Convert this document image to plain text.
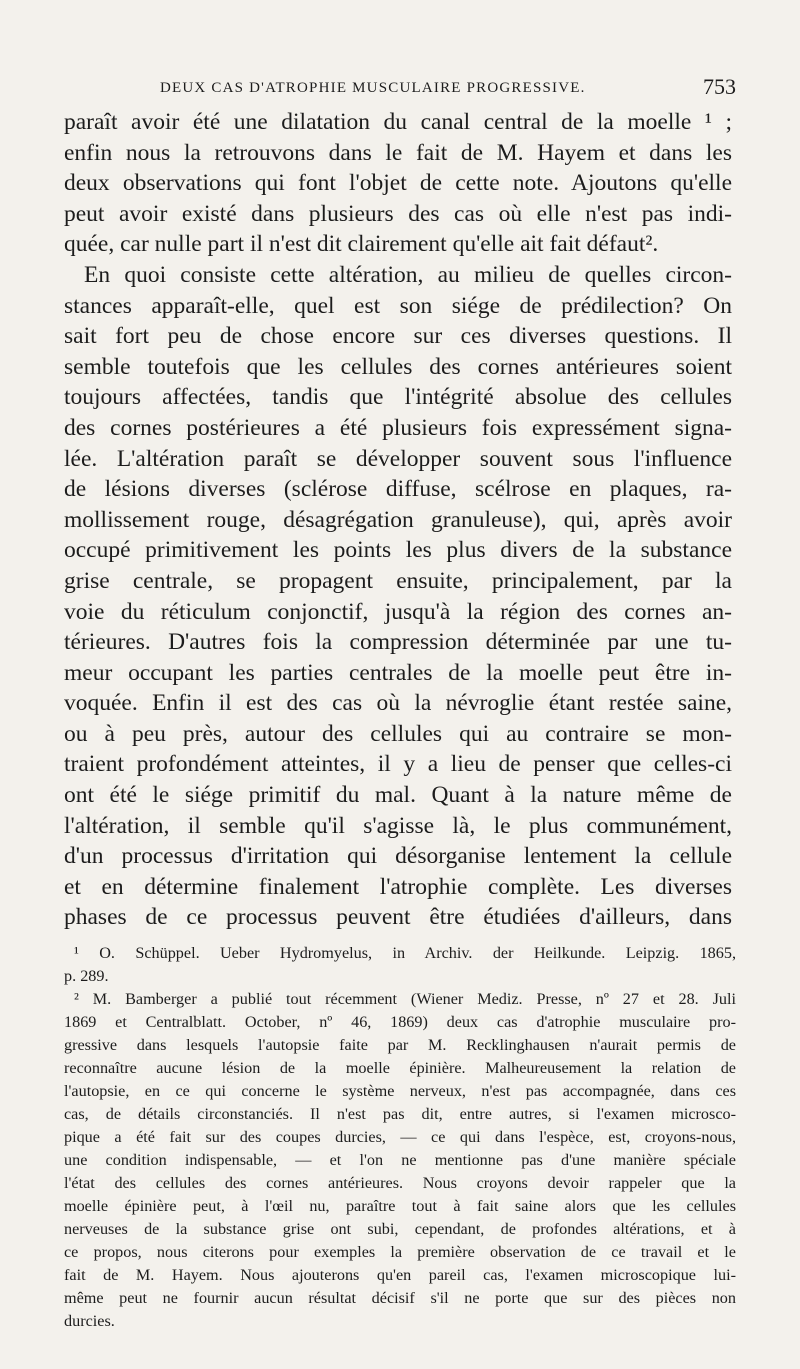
DEUX CAS D'ATROPHIE MUSCULAIRE PROGRESSIVE.	753
paraît avoir été une dilatation du canal central de la moelle ¹ ;
enfin nous la retrouvons dans le fait de M. Hayem et dans les
deux observations qui font l'objet de cette note. Ajoutons qu'elle
peut avoir existé dans plusieurs des cas où elle n'est pas indi-
quée, car nulle part il n'est dit clairement qu'elle ait fait défaut².
En quoi consiste cette altération, au milieu de quelles circon-
stances apparaît-elle, quel est son siége de prédilection? On
sait fort peu de chose encore sur ces diverses questions. Il
semble toutefois que les cellules des cornes antérieures soient
toujours affectées, tandis que l'intégrité absolue des cellules
des cornes postérieures a été plusieurs fois expressément signa-
lée. L'altération paraît se développer souvent sous l'influence
de lésions diverses (sclérose diffuse, scélrose en plaques, ra-
mollissement rouge, désagrégation granuleuse), qui, après avoir
occupé primitivement les points les plus divers de la substance
grise centrale, se propagent ensuite, principalement, par la
voie du réticulum conjonctif, jusqu'à la région des cornes an-
térieures. D'autres fois la compression déterminée par une tu-
meur occupant les parties centrales de la moelle peut être in-
voquée. Enfin il est des cas où la névroglie étant restée saine,
ou à peu près, autour des cellules qui au contraire se mon-
traient profondément atteintes, il y a lieu de penser que celles-ci
ont été le siége primitif du mal. Quant à la nature même de
l'altération, il semble qu'il s'agisse là, le plus communément,
d'un processus d'irritation qui désorganise lentement la cellule
et en détermine finalement l'atrophie complète. Les diverses
phases de ce processus peuvent être étudiées d'ailleurs, dans
¹ O. Schüppel. Ueber Hydromyelus, in Archiv. der Heilkunde. Leipzig. 1865,
p. 289.
² M. Bamberger a publié tout récemment (Wiener Mediz. Presse, nº 27 et 28. Juli
1869 et Centralblatt. October, nº 46, 1869) deux cas d'atrophie musculaire pro-
gressive dans lesquels l'autopsie faite par M. Recklinghausen n'aurait permis de
reconnaître aucune lésion de la moelle épinière. Malheureusement la relation de
l'autopsie, en ce qui concerne le système nerveux, n'est pas accompagnée, dans ces
cas, de détails circonstanciés. Il n'est pas dit, entre autres, si l'examen microsco-
pique a été fait sur des coupes durcies, — ce qui dans l'espèce, est, croyons-nous,
une condition indispensable, — et l'on ne mentionne pas d'une manière spéciale
l'état des cellules des cornes antérieures. Nous croyons devoir rappeler que la
moelle épinière peut, à l'œil nu, paraître tout à fait saine alors que les cellules
nerveuses de la substance grise ont subi, cependant, de profondes altérations, et à
ce propos, nous citerons pour exemples la première observation de ce travail et le
fait de M. Hayem. Nous ajouterons qu'en pareil cas, l'examen microscopique lui-
même peut ne fournir aucun résultat décisif s'il ne porte que sur des pièces non
durcies.
